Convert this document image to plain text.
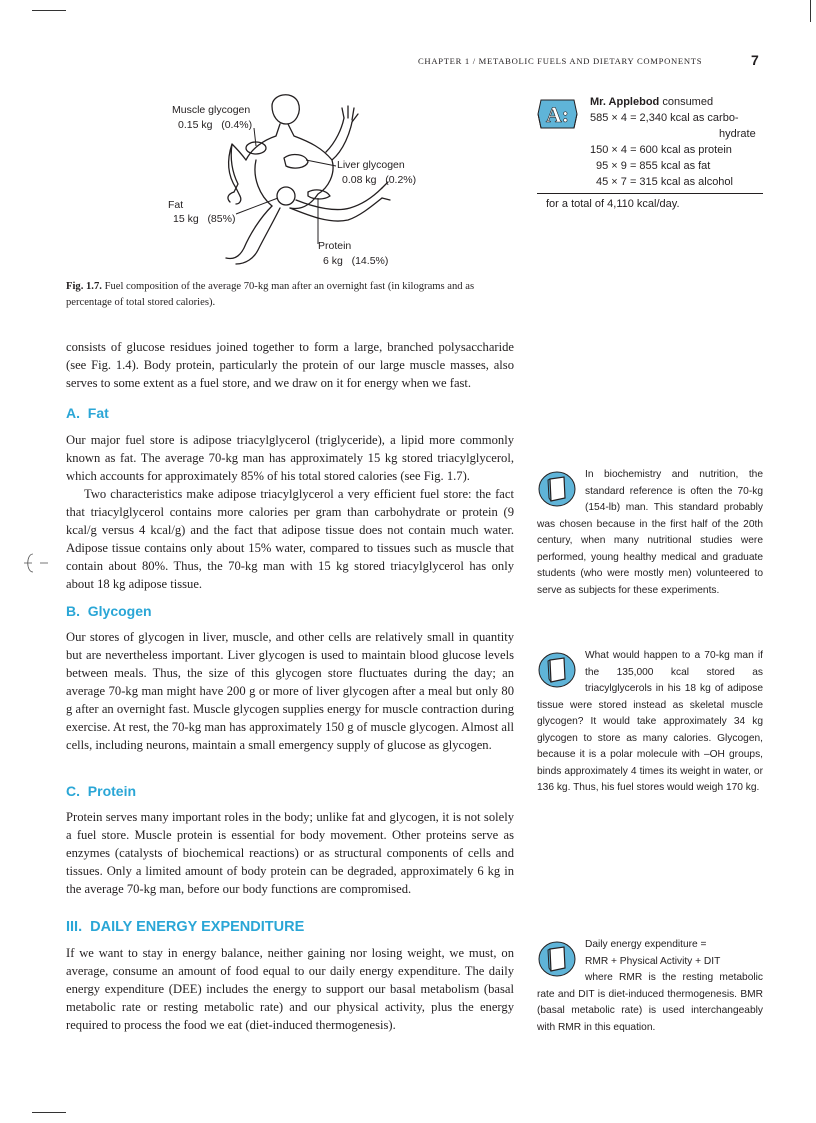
CHAPTER 1 / METABOLIC FUELS AND DIETARY COMPONENTS	7
Muscle glycogen
0.15 kg   (0.4%)
Liver glycogen
0.08 kg   (0.2%)
Fat
15 kg   (85%)
Protein
6 kg   (14.5%)
Fig. 1.7. Fuel composition of the average 70-kg man after an overnight fast (in kilograms and as percentage of total stored calories).
A: Mr. Applebod consumed
585 × 4 = 2,340 kcal as carbo-
hydrate
150 × 4 = 600 kcal as protein
95 × 9 = 855 kcal as fat
45 × 7 = 315 kcal as alcohol
for a total of 4,110 kcal/day.

consists of glucose residues joined together to form a large, branched polysaccharide (see Fig. 1.4). Body protein, particularly the protein of our large muscle masses, also serves to some extent as a fuel store, and we draw on it for energy when we fast.

A.  Fat

Our major fuel store is adipose triacylglycerol (triglyceride), a lipid more commonly known as fat. The average 70-kg man has approximately 15 kg stored triacylglycerol, which accounts for approximately 85% of his total stored calories (see Fig. 1.7).

Two characteristics make adipose triacylglycerol a very efficient fuel store: the fact that triacylglycerol contains more calories per gram than carbohydrate or protein (9 kcal/g versus 4 kcal/g) and the fact that adipose tissue does not contain much water. Adipose tissue contains only about 15% water, compared to tissues such as muscle that contain about 80%. Thus, the 70-kg man with 15 kg stored triacylglycerol has only about 18 kg adipose tissue.

B.  Glycogen

Our stores of glycogen in liver, muscle, and other cells are relatively small in quantity but are nevertheless important. Liver glycogen is used to maintain blood glucose levels between meals. Thus, the size of this glycogen store fluctuates during the day; an average 70-kg man might have 200 g or more of liver glycogen after a meal but only 80 g after an overnight fast. Muscle glycogen supplies energy for muscle contraction during exercise. At rest, the 70-kg man has approximately 150 g of muscle glycogen. Almost all cells, including neurons, maintain a small emergency supply of glucose as glycogen.

C.  Protein

Protein serves many important roles in the body; unlike fat and glycogen, it is not solely a fuel store. Muscle protein is essential for body movement. Other proteins serve as enzymes (catalysts of biochemical reactions) or as structural components of cells and tissues. Only a limited amount of body protein can be degraded, approximately 6 kg in the average 70-kg man, before our body functions are compromised.

III.  DAILY ENERGY EXPENDITURE

If we want to stay in energy balance, neither gaining nor losing weight, we must, on average, consume an amount of food equal to our daily energy expenditure. The daily energy expenditure (DEE) includes the energy to support our basal metabolism (basal metabolic rate or resting metabolic rate) and our physical activity, plus the energy required to process the food we eat (diet-induced thermogenesis).

In biochemistry and nutrition, the standard reference is often the 70-kg (154-lb) man. This standard probably was chosen because in the first half of the 20th century, when many nutritional studies were performed, young healthy medical and graduate students (who were mostly men) volunteered to serve as subjects for these experiments.
What would happen to a 70-kg man if the 135,000 kcal stored as triacylglycerols in his 18 kg of adipose tissue were stored instead as skeletal muscle glycogen? It would take approximately 34 kg glycogen to store as many calories. Glycogen, because it is a polar molecule with –OH groups, binds approximately 4 times its weight in water, or 136 kg. Thus, his fuel stores would weigh 170 kg.
Daily energy expenditure =
RMR + Physical Activity + DIT
where RMR is the resting metabolic rate and DIT is diet-induced thermogenesis. BMR (basal metabolic rate) is used interchangeably with RMR in this equation.
